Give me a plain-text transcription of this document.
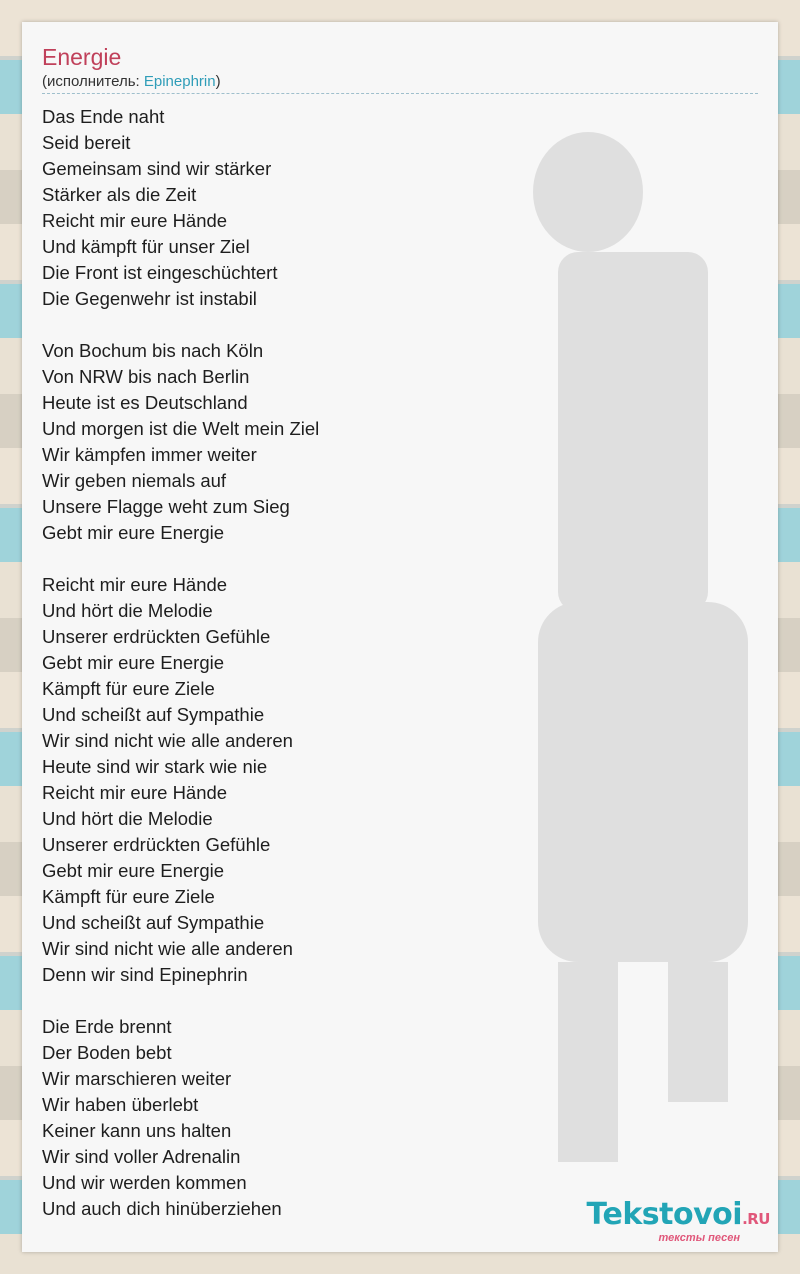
Energie
(исполнитель: Epinephrin)
Das Ende naht
Seid bereit
Gemeinsam sind wir stärker
Stärker als die Zeit
Reicht mir eure Hände
Und kämpft für unser Ziel
Die Front ist eingeschüchtert
Die Gegenwehr ist instabil

Von Bochum bis nach Köln
Von NRW bis nach Berlin
Heute ist es Deutschland
Und morgen ist die Welt mein Ziel
Wir kämpfen immer weiter
Wir geben niemals auf
Unsere Flagge weht zum Sieg
Gebt mir eure Energie

Reicht mir eure Hände
Und hört die Melodie
Unserer erdrückten Gefühle
Gebt mir eure Energie
Kämpft für eure Ziele
Und scheißt auf Sympathie
Wir sind nicht wie alle anderen
Heute sind wir stark wie nie
Reicht mir eure Hände
Und hört die Melodie
Unserer erdrückten Gefühle
Gebt mir eure Energie
Kämpft für eure Ziele
Und scheißt auf Sympathie
Wir sind nicht wie alle anderen
Denn wir sind Epinephrin

Die Erde brennt
Der Boden bebt
Wir marschieren weiter
Wir haben überlebt
Keiner kann uns halten
Wir sind voller Adrenalin
Und wir werden kommen
Und auch dich hinüberziehen	Tekstovoi.RU
тексты песен
